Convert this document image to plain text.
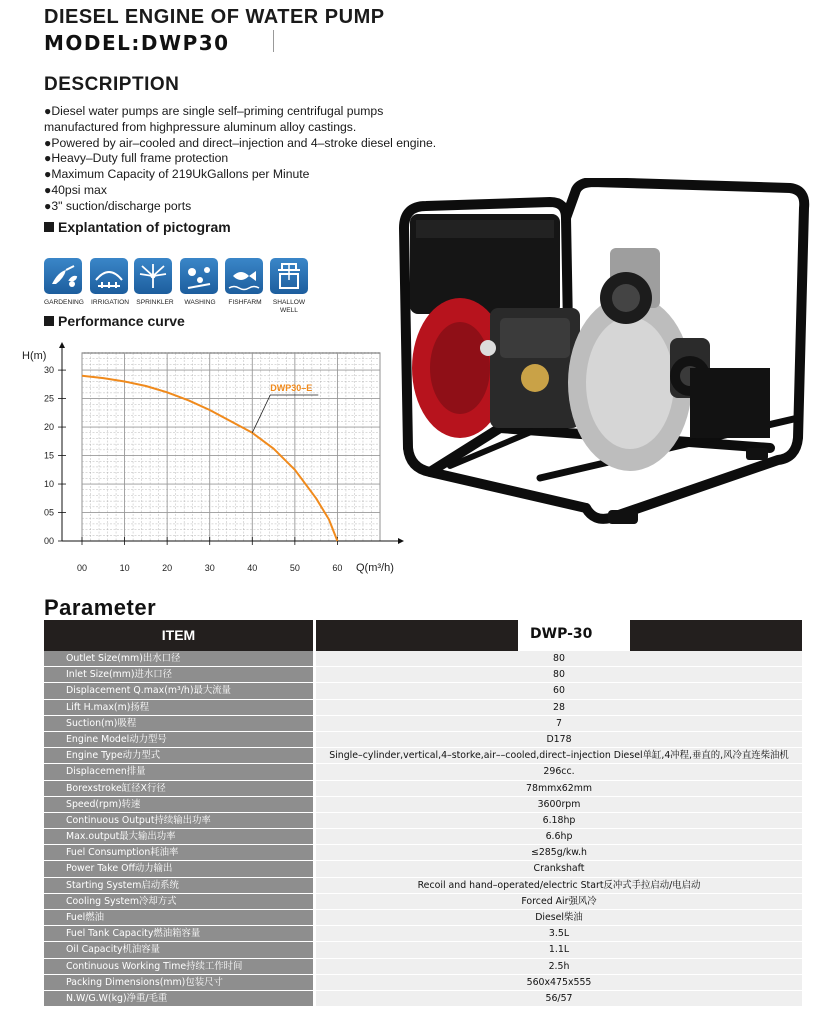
DIESEL ENGINE OF WATER PUMP
MODEL:DWP30
DESCRIPTION
●Diesel water pumps are single self–priming centrifugal pumps
manufactured from highpressure aluminum alloy castings.
●Powered by air–cooled and direct–injection and 4–stroke diesel engine.
●Heavy–Duty full frame protection
●Maximum Capacity of 219UkGallons per Minute
●40psi max
●3" suction/discharge ports
Explantation of pictogram
GARDENING	IRRIGATION	SPRINKLER	WASHING	FISHFARM	SHALLOW WELL
Performance curve
00
05
10
15
20
25
30
00	10	20	30	40	50	60
H(m)
Q(m³/h)
DWP30–E
Parameter
ITEM	DWP-30
Outlet Size(mm)出水口径	80
Inlet Size(mm)进水口径	80
Displacement Q.max(m³/h)最大流量	60
Lift H.max(m)扬程	28
Suction(m)吸程	7
Engine Model动力型号	D178
Engine Type动力型式	Single–cylinder,vertical,4–storke,air––cooled,direct–injection Diesel单缸,4冲程,垂直的,风冷直连柴油机
Displacemen排量	296cc.
Borexstroke缸径X行径	78mmx62mm
Speed(rpm)转速	3600rpm
Continuous Output持续输出功率	6.18hp
Max.output最大输出功率	6.6hp
Fuel Consumption耗油率	≤285g/kw.h
Power Take Off动力输出	Crankshaft
Starting System启动系统	Recoil and hand–operated/electric Start反冲式手拉启动/电启动
Cooling System冷却方式	Forced Air强风冷
Fuel燃油	Diesel柴油
Fuel Tank Capacity燃油箱容量	3.5L
Oil Capacity机油容量	1.1L
Continuous Working Time持续工作时间	2.5h
Packing Dimensions(mm)包装尺寸	560x475x555
N.W/G.W(kg)净重/毛重	56/57
